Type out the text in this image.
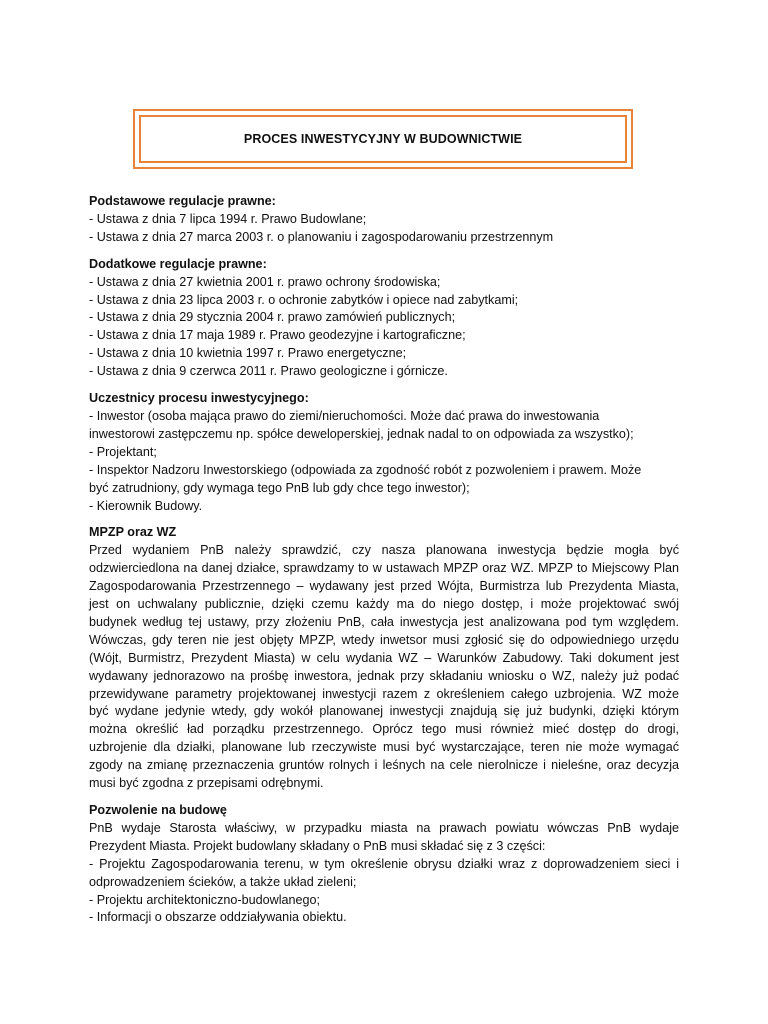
PROCES INWESTYCYJNY W BUDOWNICTWIE
Podstawowe regulacje prawne:
- Ustawa z dnia 7 lipca 1994 r. Prawo Budowlane;
- Ustawa z dnia 27 marca 2003 r. o planowaniu i zagospodarowaniu przestrzennym
Dodatkowe regulacje prawne:
- Ustawa z dnia 27 kwietnia 2001 r. prawo ochrony środowiska;
- Ustawa z dnia 23 lipca 2003 r. o ochronie zabytków i opiece nad zabytkami;
- Ustawa z dnia 29 stycznia 2004 r. prawo zamówień publicznych;
- Ustawa z dnia 17 maja 1989 r. Prawo geodezyjne i kartograficzne;
- Ustawa z dnia 10 kwietnia 1997 r. Prawo energetyczne;
- Ustawa z dnia 9 czerwca 2011 r. Prawo geologiczne i górnicze.
Uczestnicy procesu inwestycyjnego:
- Inwestor (osoba mająca prawo do ziemi/nieruchomości. Może dać prawa do inwestowania
inwestorowi zastępczemu np. spółce deweloperskiej, jednak nadal to on odpowiada za wszystko);
- Projektant;
- Inspektor Nadzoru Inwestorskiego (odpowiada za zgodność robót z pozwoleniem i prawem. Może
być zatrudniony, gdy wymaga tego PnB lub gdy chce tego inwestor);
- Kierownik Budowy.
MPZP oraz WZ
Przed wydaniem PnB należy sprawdzić, czy nasza planowana inwestycja będzie mogła być
odzwierciedlona na danej działce, sprawdzamy to w ustawach MPZP oraz WZ. MPZP to Miejscowy Plan
Zagospodarowania Przestrzennego – wydawany jest przed Wójta, Burmistrza lub Prezydenta Miasta,
jest on uchwalany publicznie, dzięki czemu każdy ma do niego dostęp, i może projektować swój
budynek według tej ustawy, przy złożeniu PnB, cała inwestycja jest analizowana pod tym względem.
Wówczas, gdy teren nie jest objęty MPZP, wtedy inwetsor musi zgłosić się do odpowiedniego urzędu
(Wójt, Burmistrz, Prezydent Miasta) w celu wydania WZ – Warunków Zabudowy. Taki dokument jest
wydawany jednorazowo na prośbę inwestora, jednak przy składaniu wniosku o WZ, należy już podać
przewidywane parametry projektowanej inwestycji razem z określeniem całego uzbrojenia. WZ może
być wydane jedynie wtedy, gdy wokół planowanej inwestycji znajdują się już budynki, dzięki którym
można określić ład porządku przestrzennego. Oprócz tego musi również mieć dostęp do drogi,
uzbrojenie dla działki, planowane lub rzeczywiste musi być wystarczające, teren nie może wymagać
zgody na zmianę przeznaczenia gruntów rolnych i leśnych na cele nierolnicze i nieleśne, oraz decyzja
musi być zgodna z przepisami odrębnymi.
Pozwolenie na budowę
PnB wydaje Starosta właściwy, w przypadku miasta na prawach powiatu wówczas PnB wydaje
Prezydent Miasta. Projekt budowlany składany o PnB musi składać się z 3 części:
- Projektu Zagospodarowania terenu, w tym określenie obrysu działki wraz z doprowadzeniem sieci i
odprowadzeniem ścieków, a także układ zieleni;
- Projektu architektoniczno-budowlanego;
- Informacji o obszarze oddziaływania obiektu.
